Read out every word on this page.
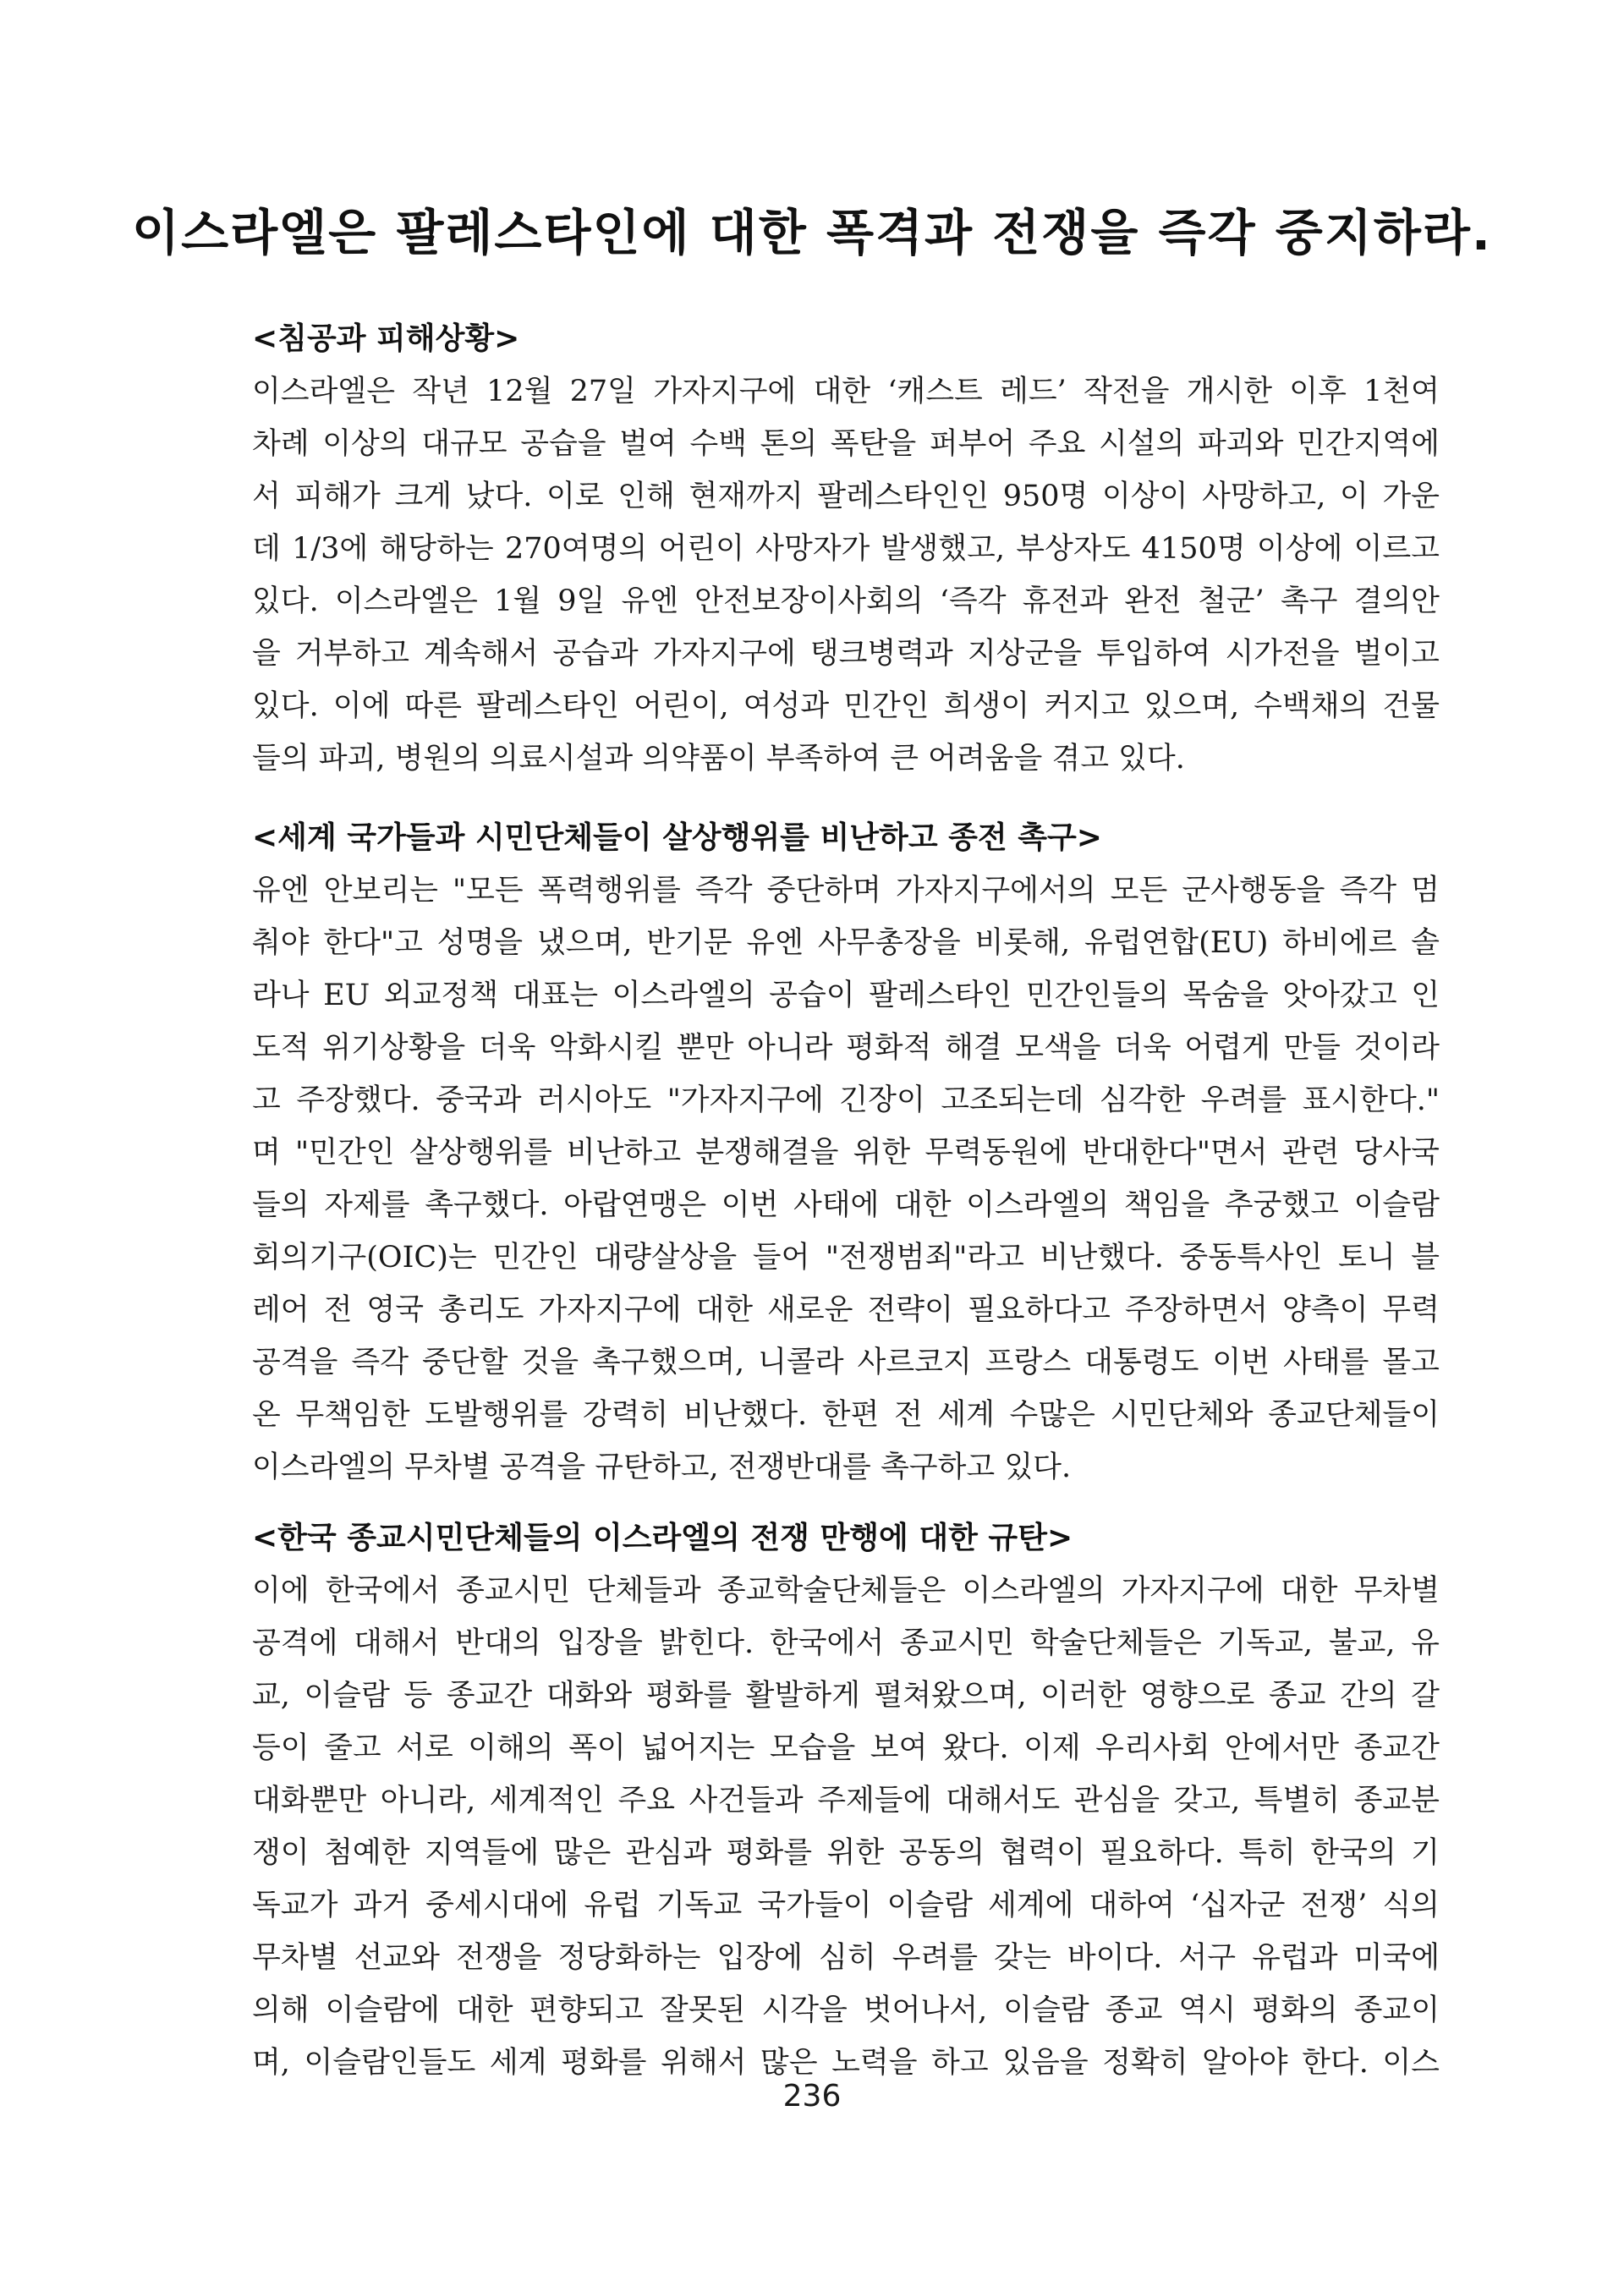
이스라엘은 팔레스타인에 대한 폭격과 전쟁을 즉각 중지하라.
<침공과 피해상황>
이스라엘은 작년 12월 27일 가자지구에 대한 ‘캐스트 레드’ 작전을 개시한 이후 1천여
차례 이상의 대규모 공습을 벌여 수백 톤의 폭탄을 퍼부어 주요 시설의 파괴와 민간지역에
서 피해가 크게 났다. 이로 인해 현재까지 팔레스타인인 950명 이상이 사망하고, 이 가운
데 1/3에 해당하는 270여명의 어린이 사망자가 발생했고, 부상자도 4150명 이상에 이르고
있다. 이스라엘은 1월 9일 유엔 안전보장이사회의 ‘즉각 휴전과 완전 철군’ 촉구 결의안
을 거부하고 계속해서 공습과 가자지구에 탱크병력과 지상군을 투입하여 시가전을 벌이고
있다. 이에 따른 팔레스타인 어린이, 여성과 민간인 희생이 커지고 있으며, 수백채의 건물
들의 파괴, 병원의 의료시설과 의약품이 부족하여 큰 어려움을 겪고 있다.
<세계 국가들과 시민단체들이 살상행위를 비난하고 종전 촉구>
유엔 안보리는 "모든 폭력행위를 즉각 중단하며 가자지구에서의 모든 군사행동을 즉각 멈
춰야 한다"고 성명을 냈으며, 반기문 유엔 사무총장을 비롯해, 유럽연합(EU) 하비에르 솔
라나 EU 외교정책 대표는 이스라엘의 공습이 팔레스타인 민간인들의 목숨을 앗아갔고 인
도적 위기상황을 더욱 악화시킬 뿐만 아니라 평화적 해결 모색을 더욱 어렵게 만들 것이라
고 주장했다. 중국과 러시아도 "가자지구에 긴장이 고조되는데 심각한 우려를 표시한다."
며 "민간인 살상행위를 비난하고 분쟁해결을 위한 무력동원에 반대한다"면서 관련 당사국
들의 자제를 촉구했다. 아랍연맹은 이번 사태에 대한 이스라엘의 책임을 추궁했고 이슬람
회의기구(OIC)는 민간인 대량살상을 들어 "전쟁범죄"라고 비난했다. 중동특사인 토니 블
레어 전 영국 총리도 가자지구에 대한 새로운 전략이 필요하다고 주장하면서 양측이 무력
공격을 즉각 중단할 것을 촉구했으며, 니콜라 사르코지 프랑스 대통령도 이번 사태를 몰고
온 무책임한 도발행위를 강력히 비난했다. 한편 전 세계 수많은 시민단체와 종교단체들이
이스라엘의 무차별 공격을 규탄하고, 전쟁반대를 촉구하고 있다.
<한국 종교시민단체들의 이스라엘의 전쟁 만행에 대한 규탄>
이에 한국에서 종교시민 단체들과 종교학술단체들은 이스라엘의 가자지구에 대한 무차별
공격에 대해서 반대의 입장을 밝힌다. 한국에서 종교시민 학술단체들은 기독교, 불교, 유
교, 이슬람 등 종교간 대화와 평화를 활발하게 펼쳐왔으며, 이러한 영향으로 종교 간의 갈
등이 줄고 서로 이해의 폭이 넓어지는 모습을 보여 왔다. 이제 우리사회 안에서만 종교간
대화뿐만 아니라, 세계적인 주요 사건들과 주제들에 대해서도 관심을 갖고, 특별히 종교분
쟁이 첨예한 지역들에 많은 관심과 평화를 위한 공동의 협력이 필요하다. 특히 한국의 기
독교가 과거 중세시대에 유럽 기독교 국가들이 이슬람 세계에 대하여 ‘십자군 전쟁’ 식의
무차별 선교와 전쟁을 정당화하는 입장에 심히 우려를 갖는 바이다. 서구 유럽과 미국에
의해 이슬람에 대한 편향되고 잘못된 시각을 벗어나서, 이슬람 종교 역시 평화의 종교이
며, 이슬람인들도 세계 평화를 위해서 많은 노력을 하고 있음을 정확히 알아야 한다. 이스
236
